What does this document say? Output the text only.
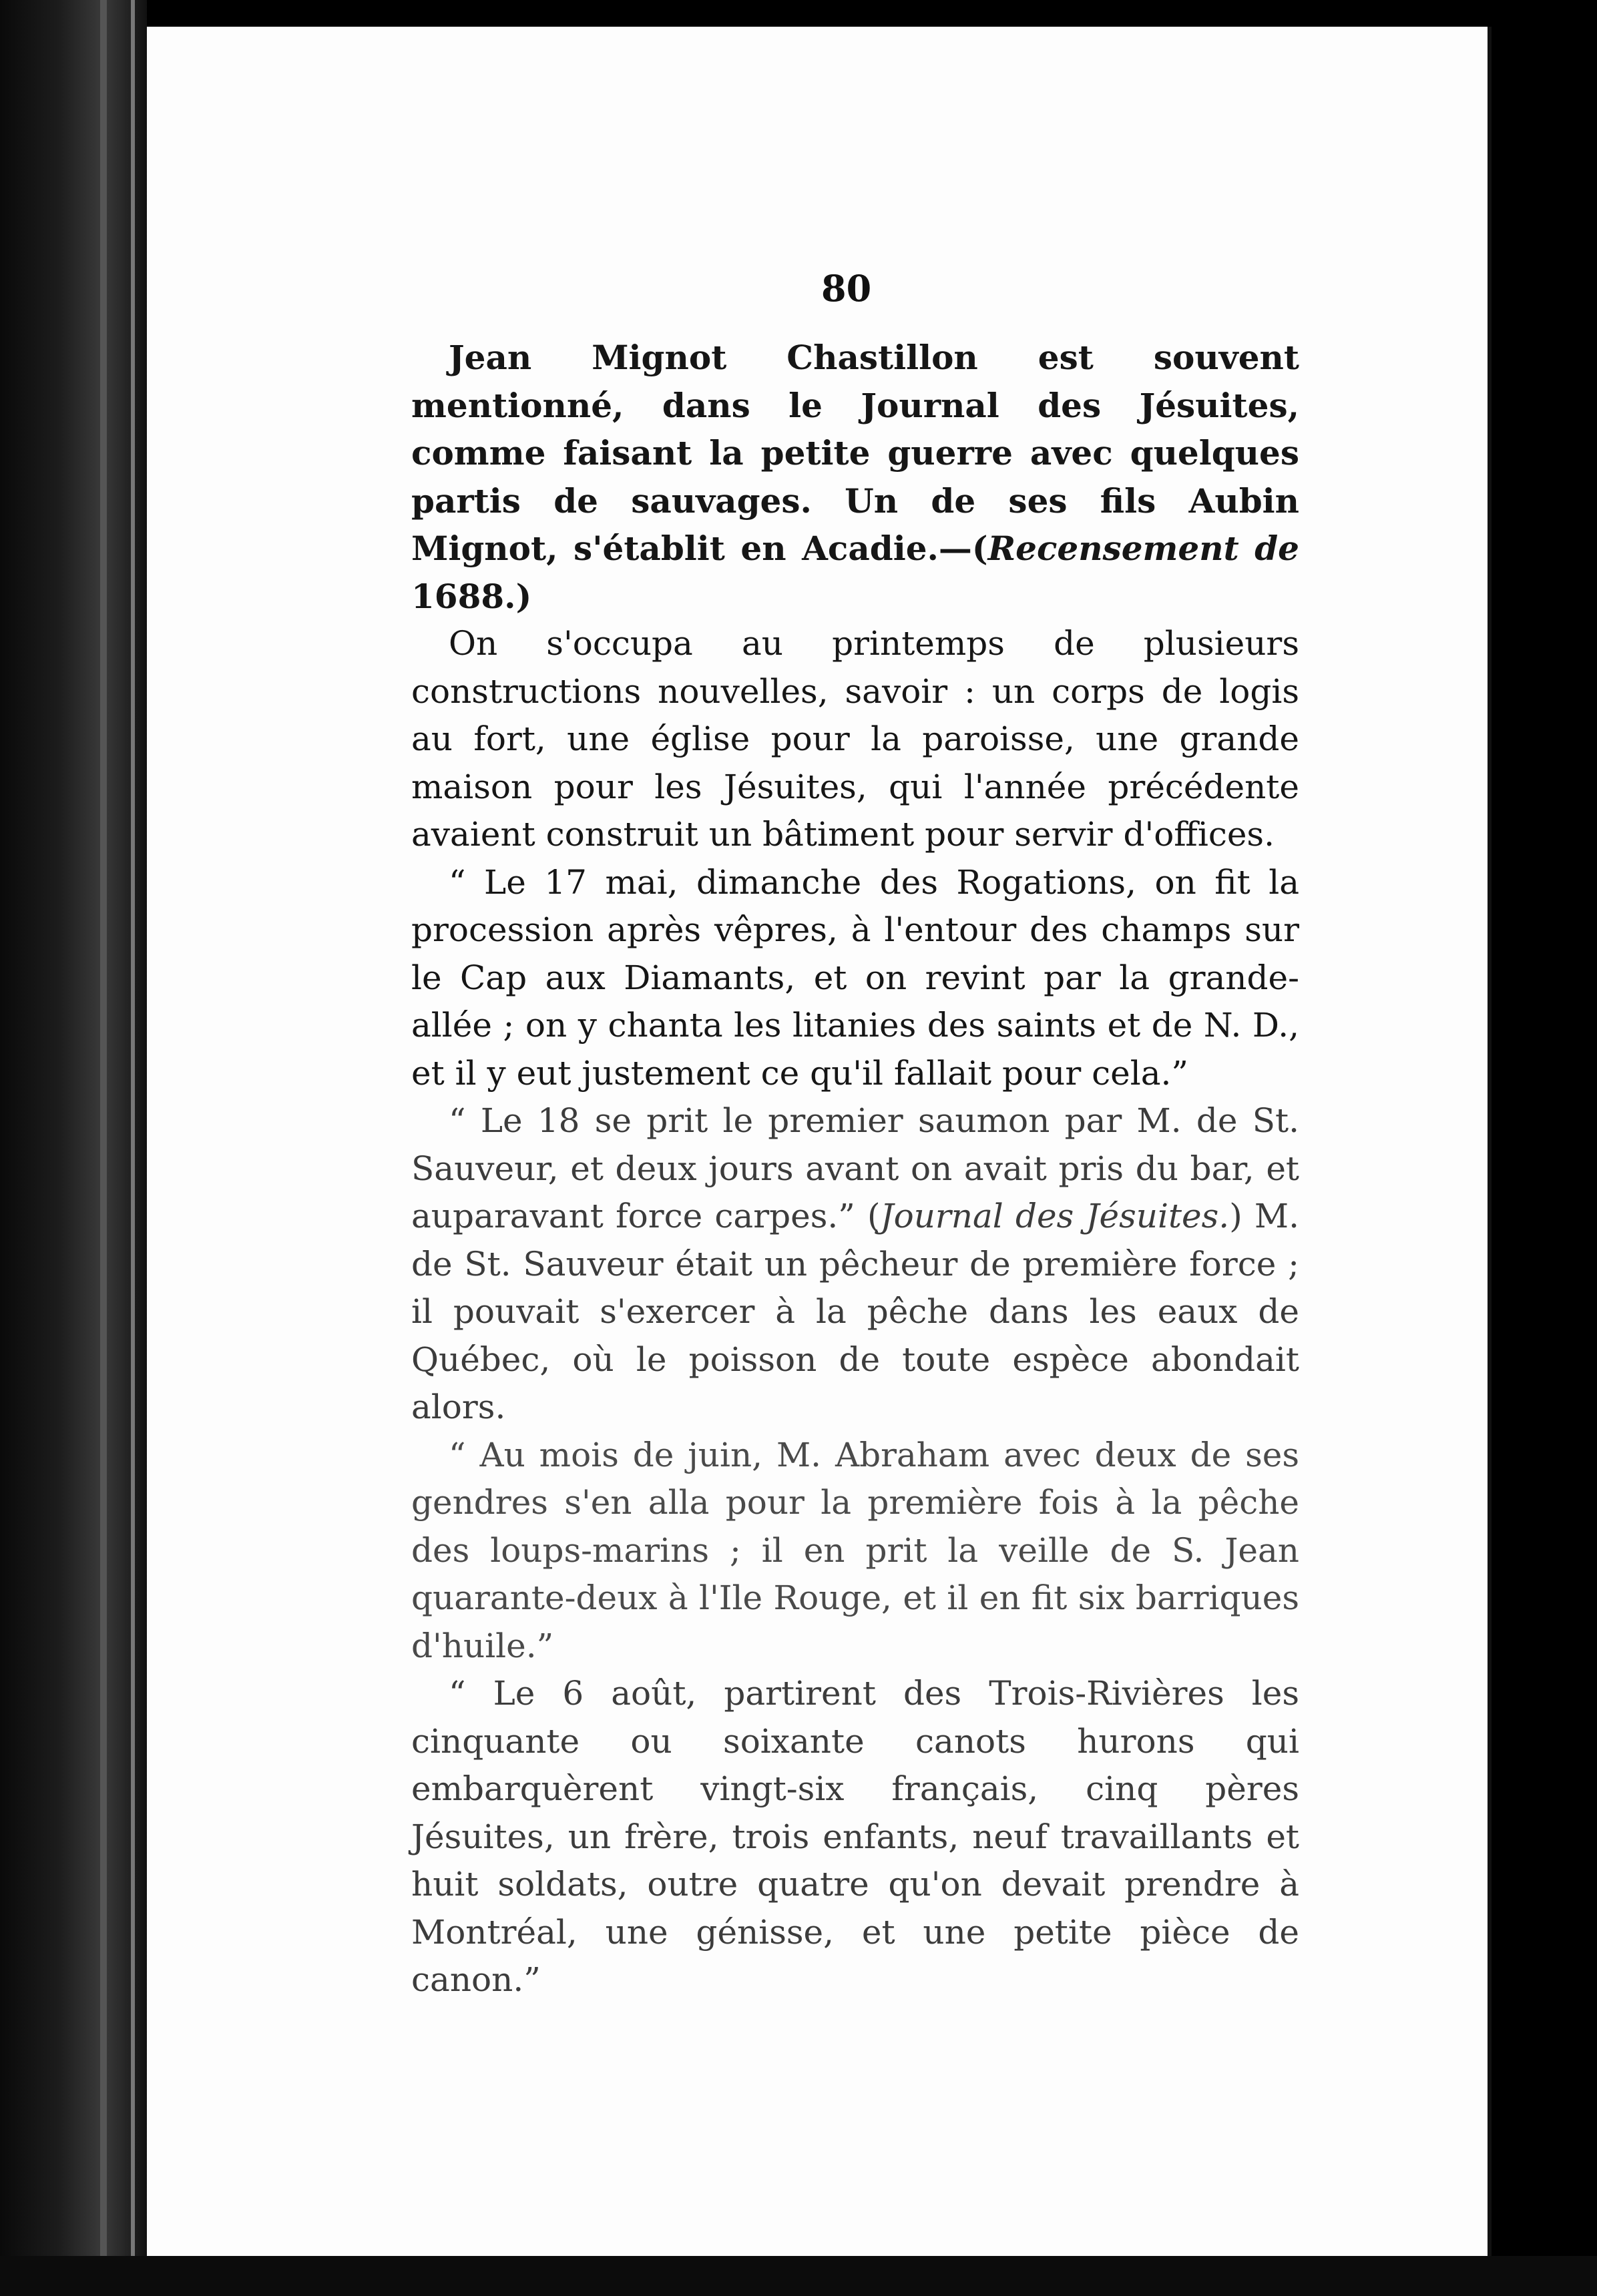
80

Jean Mignot Chastillon est souvent mentionné, dans le Journal des Jésuites, comme faisant la petite guerre avec quelques partis de sauvages. Un de ses fils Aubin Mignot, s'établit en Acadie.—(Recensement de 1688.)

On s'occupa au printemps de plusieurs constructions nouvelles, savoir : un corps de logis au fort, une église pour la paroisse, une grande maison pour les Jésuites, qui l'année précédente avaient construit un bâtiment pour servir d'offices.

“ Le 17 mai, dimanche des Rogations, on fit la procession après vêpres, à l'entour des champs sur le Cap aux Diamants, et on revint par la grande-allée ; on y chanta les litanies des saints et de N. D., et il y eut justement ce qu'il fallait pour cela.”

“ Le 18 se prit le premier saumon par M. de St. Sauveur, et deux jours avant on avait pris du bar, et auparavant force carpes.” (Journal des Jésuites.) M. de St. Sauveur était un pêcheur de première force ; il pouvait s'exercer à la pêche dans les eaux de Québec, où le poisson de toute espèce abondait alors.

“ Au mois de juin, M. Abraham avec deux de ses gendres s'en alla pour la première fois à la pêche des loups-marins ; il en prit la veille de S. Jean quarante-deux à l'Ile Rouge, et il en fit six barriques d'huile.”

“ Le 6 août, partirent des Trois-Rivières les cinquante ou soixante canots hurons qui embarquèrent vingt-six français, cinq pères Jésuites, un frère, trois enfants, neuf travaillants et huit soldats, outre quatre qu'on devait prendre à Montréal, une génisse, et une petite pièce de canon.”
